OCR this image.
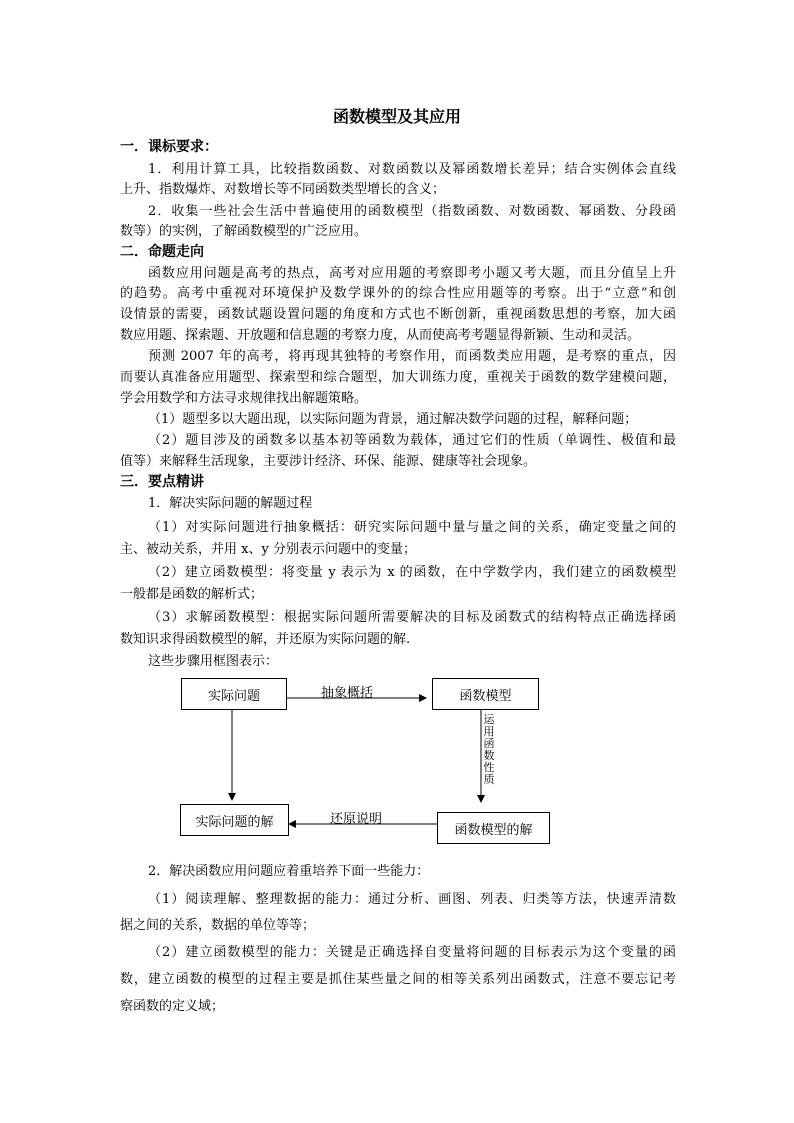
函数模型及其应用
一．课标要求：
1．利用计算工具，比较指数函数、对数函数以及幂函数增长差异；结合实例体会直线
上升、指数爆炸、对数增长等不同函数类型增长的含义；
2．收集一些社会生活中普遍使用的函数模型（指数函数、对数函数、幂函数、分段函
数等）的实例，了解函数模型的广泛应用。
二．命题走向
函数应用问题是高考的热点，高考对应用题的考察即考小题又考大题，而且分值呈上升
的趋势。高考中重视对环境保护及数学课外的的综合性应用题等的考察。出于“立意”和创
设情景的需要，函数试题设置问题的角度和方式也不断创新，重视函数思想的考察，加大函
数应用题、探索题、开放题和信息题的考察力度，从而使高考考题显得新颖、生动和灵活。
预测 2007 年的高考，将再现其独特的考察作用，而函数类应用题，是考察的重点，因
而要认真准备应用题型、探索型和综合题型，加大训练力度，重视关于函数的数学建模问题，
学会用数学和方法寻求规律找出解题策略。
（1）题型多以大题出现，以实际问题为背景，通过解决数学问题的过程，解释问题；
（2）题目涉及的函数多以基本初等函数为载体，通过它们的性质（单调性、极值和最
值等）来解释生活现象，主要涉计经济、环保、能源、健康等社会现象。
三．要点精讲
1．解决实际问题的解题过程
（1）对实际问题进行抽象概括：研究实际问题中量与量之间的关系，确定变量之间的
主、被动关系，并用 x、y 分别表示问题中的变量；
（2）建立函数模型：将变量 y 表示为 x 的函数，在中学数学内，我们建立的函数模型
一般都是函数的解析式；
（3）求解函数模型：根据实际问题所需要解决的目标及函数式的结构特点正确选择函
数知识求得函数模型的解，并还原为实际问题的解.
这些步骤用框图表示：
实际问题	函数模型
实际问题的解
函数模型的解
抽象概括
还原说明
运
用
函
数
性
质
2．解决函数应用问题应着重培养下面一些能力：
（1）阅读理解、整理数据的能力：通过分析、画图、列表、归类等方法，快速弄清数
据之间的关系，数据的单位等等；
（2）建立函数模型的能力：关键是正确选择自变量将问题的目标表示为这个变量的函
数，建立函数的模型的过程主要是抓住某些量之间的相等关系列出函数式，注意不要忘记考
察函数的定义域；
